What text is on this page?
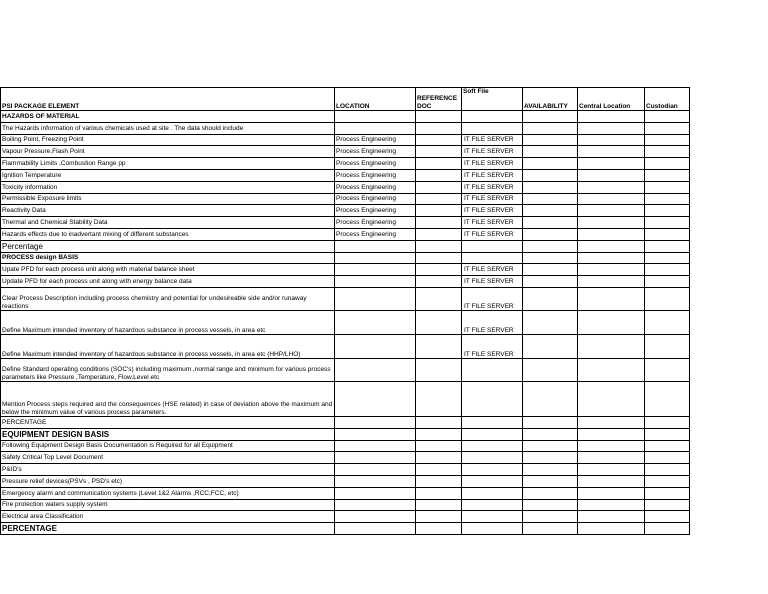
PSI PACKAGE ELEMENT	LOCATION	REFERENCE DOC	Soft File	AVAILABILITY	Central Location	Custodian
HAZARDS OF MATERIAL						
The Hazards information of various chemicals used at site . The data should include						
Boiling Point, Freezing Point	Process Engineering		IT FILE SERVER			
Vapour Pressure,Flash Point	Process Engineering		IT FILE SERVER			
Flammability Limits ,Combustion Range pp	Process Engineering		IT FILE SERVER			
Ignition Temperature	Process Engineering		IT FILE SERVER			
Toxicity information	Process Engineering		IT FILE SERVER			
Permissible Exposure limits	Process Engineering		IT FILE SERVER			
Reactivity Data	Process Engineering		IT FILE SERVER			
Thermal and Chemical Stability Data	Process Engineering		IT FILE SERVER			
Hazards effects due to inadvertant mixing of different substances	Process Engineering		IT FILE SERVER			
Percentage						
PROCESS design BASIS						
Upate PFD for each process unit along with material balance sheet			IT FILE SERVER			
Update PFD for each process unit along with energy balance data			IT FILE SERVER			
Clear Process Description including process chemistry and potential for undesireable side and/or runaway reactions			IT FILE SERVER			
Define Maximum intended inventory of hazardous substance in process vessels, in area etc			IT FILE SERVER			
Define Maximum intended inventory of hazardous substance in process vessels, in area etc (HHP/LHO)			IT FILE SERVER			
Define Standard operating conditions (SOC's) including maximum ,normal range and minimum for various process parameters like Pressure ,Temperature, Flow,Level etc						
Mention Process steps required and the consequences (HSE related) in case of deviation above the maximum and below the minimum value of various process parameters.						
PERCENTAGE						
EQUIPMENT DESIGN BASIS						
Following Equipment Design Basis Documentation is Required for all Equipment						
Safety Critical Top Level Document						
P&ID's						
Pressure relief devices(PSVs , PSD's etc)						
Emergency alarm and communication systems (Level 1&2 Alarms ,RCC,FCC, etc)						
Fire protection waters supply system						
Electrical area Classification						
PERCENTAGE						
